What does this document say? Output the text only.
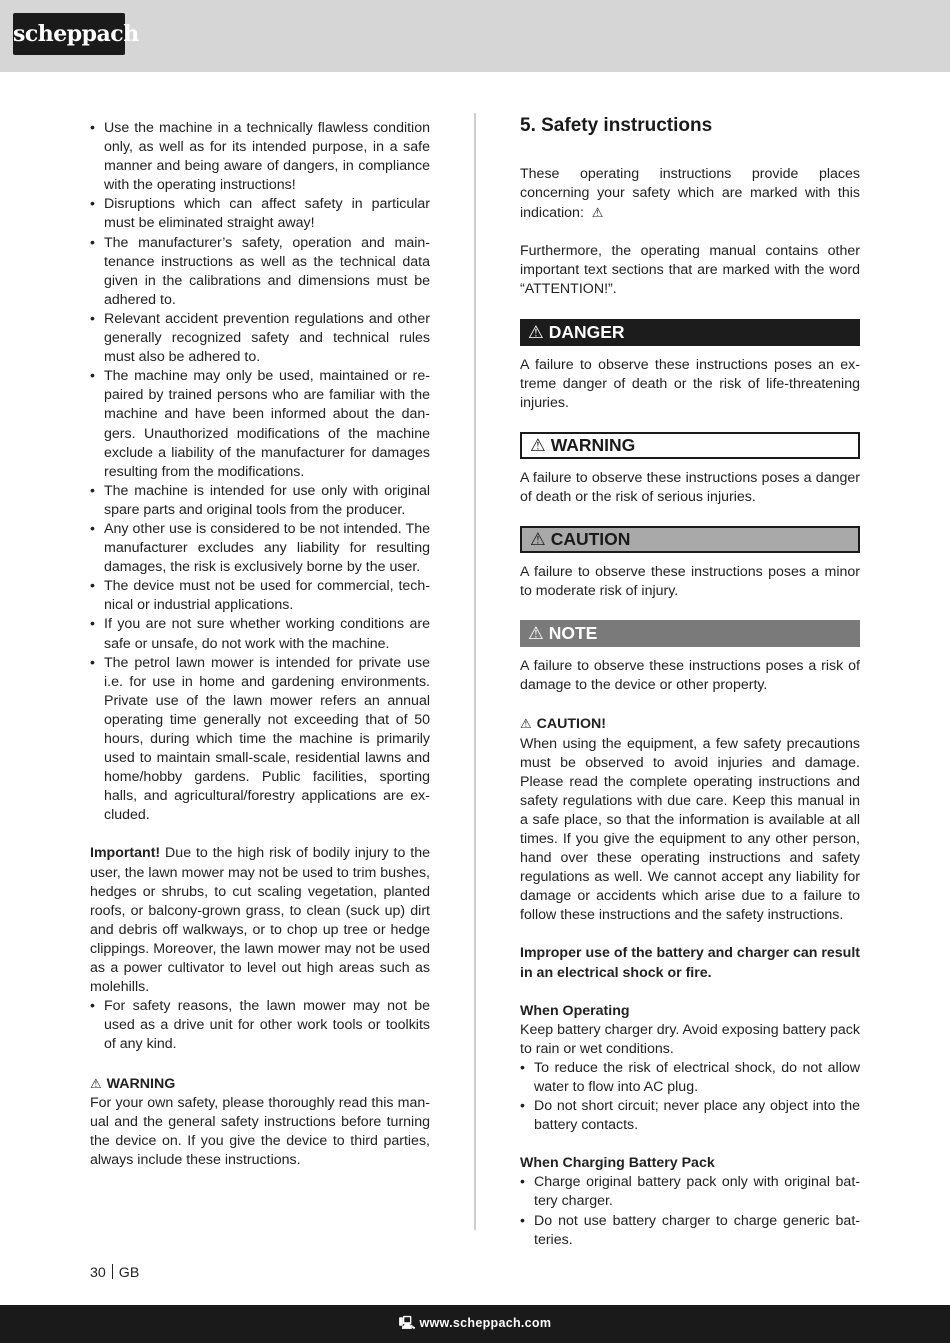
scheppach
• Use the machine in a technically flawless condition only, as well as for its intended purpose, in a safe manner and being aware of dangers, in compliance with the operating instructions!
• Disruptions which can affect safety in particular must be eliminated straight away!
• The manufacturer’s safety, operation and maintenance instructions as well as the technical data given in the calibrations and dimensions must be adhered to.
• Relevant accident prevention regulations and other generally recognized safety and technical rules must also be adhered to.
• The machine may only be used, maintained or repaired by trained persons who are familiar with the machine and have been informed about the dangers. Unauthorized modifications of the machine exclude a liability of the manufacturer for damages resulting from the modifications.
• The machine is intended for use only with original spare parts and original tools from the producer.
• Any other use is considered to be not intended. The manufacturer excludes any liability for resulting damages, the risk is exclusively borne by the user.
• The device must not be used for commercial, technical or industrial applications.
• If you are not sure whether working conditions are safe or unsafe, do not work with the machine.
• The petrol lawn mower is intended for private use i.e. for use in home and gardening environments. Private use of the lawn mower refers an annual operating time generally not exceeding that of 50 hours, during which time the machine is primarily used to maintain small-scale, residential lawns and home/hobby gardens. Public facilities, sporting halls, and agricultural/forestry applications are excluded.

Important! Due to the high risk of bodily injury to the user, the lawn mower may not be used to trim bushes, hedges or shrubs, to cut scaling vegetation, planted roofs, or balcony-grown grass, to clean (suck up) dirt and debris off walkways, or to chop up tree or hedge clippings. Moreover, the lawn mower may not be used as a power cultivator to level out high areas such as molehills.

• For safety reasons, the lawn mower may not be used as a drive unit for other work tools or toolkits of any kind.

⚠ WARNING

For your own safety, please thoroughly read this manual and the general safety instructions before turning the device on. If you give the device to third parties, always include these instructions.

5. Safety instructions

These operating instructions provide places concerning your safety which are marked with this indication: ⚠

Furthermore, the operating manual contains other important text sections that are marked with the word “ATTENTION!”.

⚠ DANGER

A failure to observe these instructions poses an extreme danger of death or the risk of life-threatening injuries.

⚠ WARNING

A failure to observe these instructions poses a danger of death or the risk of serious injuries.

⚠ CAUTION

A failure to observe these instructions poses a minor to moderate risk of injury.

⚠ NOTE

A failure to observe these instructions poses a risk of damage to the device or other property.

⚠ CAUTION!

When using the equipment, a few safety precautions must be observed to avoid injuries and damage. Please read the complete operating instructions and safety regulations with due care. Keep this manual in a safe place, so that the information is available at all times. If you give the equipment to any other person, hand over these operating instructions and safety regulations as well. We cannot accept any liability for damage or accidents which arise due to a failure to follow these instructions and the safety instructions.

Improper use of the battery and charger can result in an electrical shock or fire.

When Operating

Keep battery charger dry. Avoid exposing battery pack to rain or wet conditions.

• To reduce the risk of electrical shock, do not allow water to flow into AC plug.
• Do not short circuit; never place any object into the battery contacts.

When Charging Battery Pack

• Charge original battery pack only with original battery charger.
• Do not use battery charger to charge generic batteries.
30 GB
🖳 www.scheppach.com
